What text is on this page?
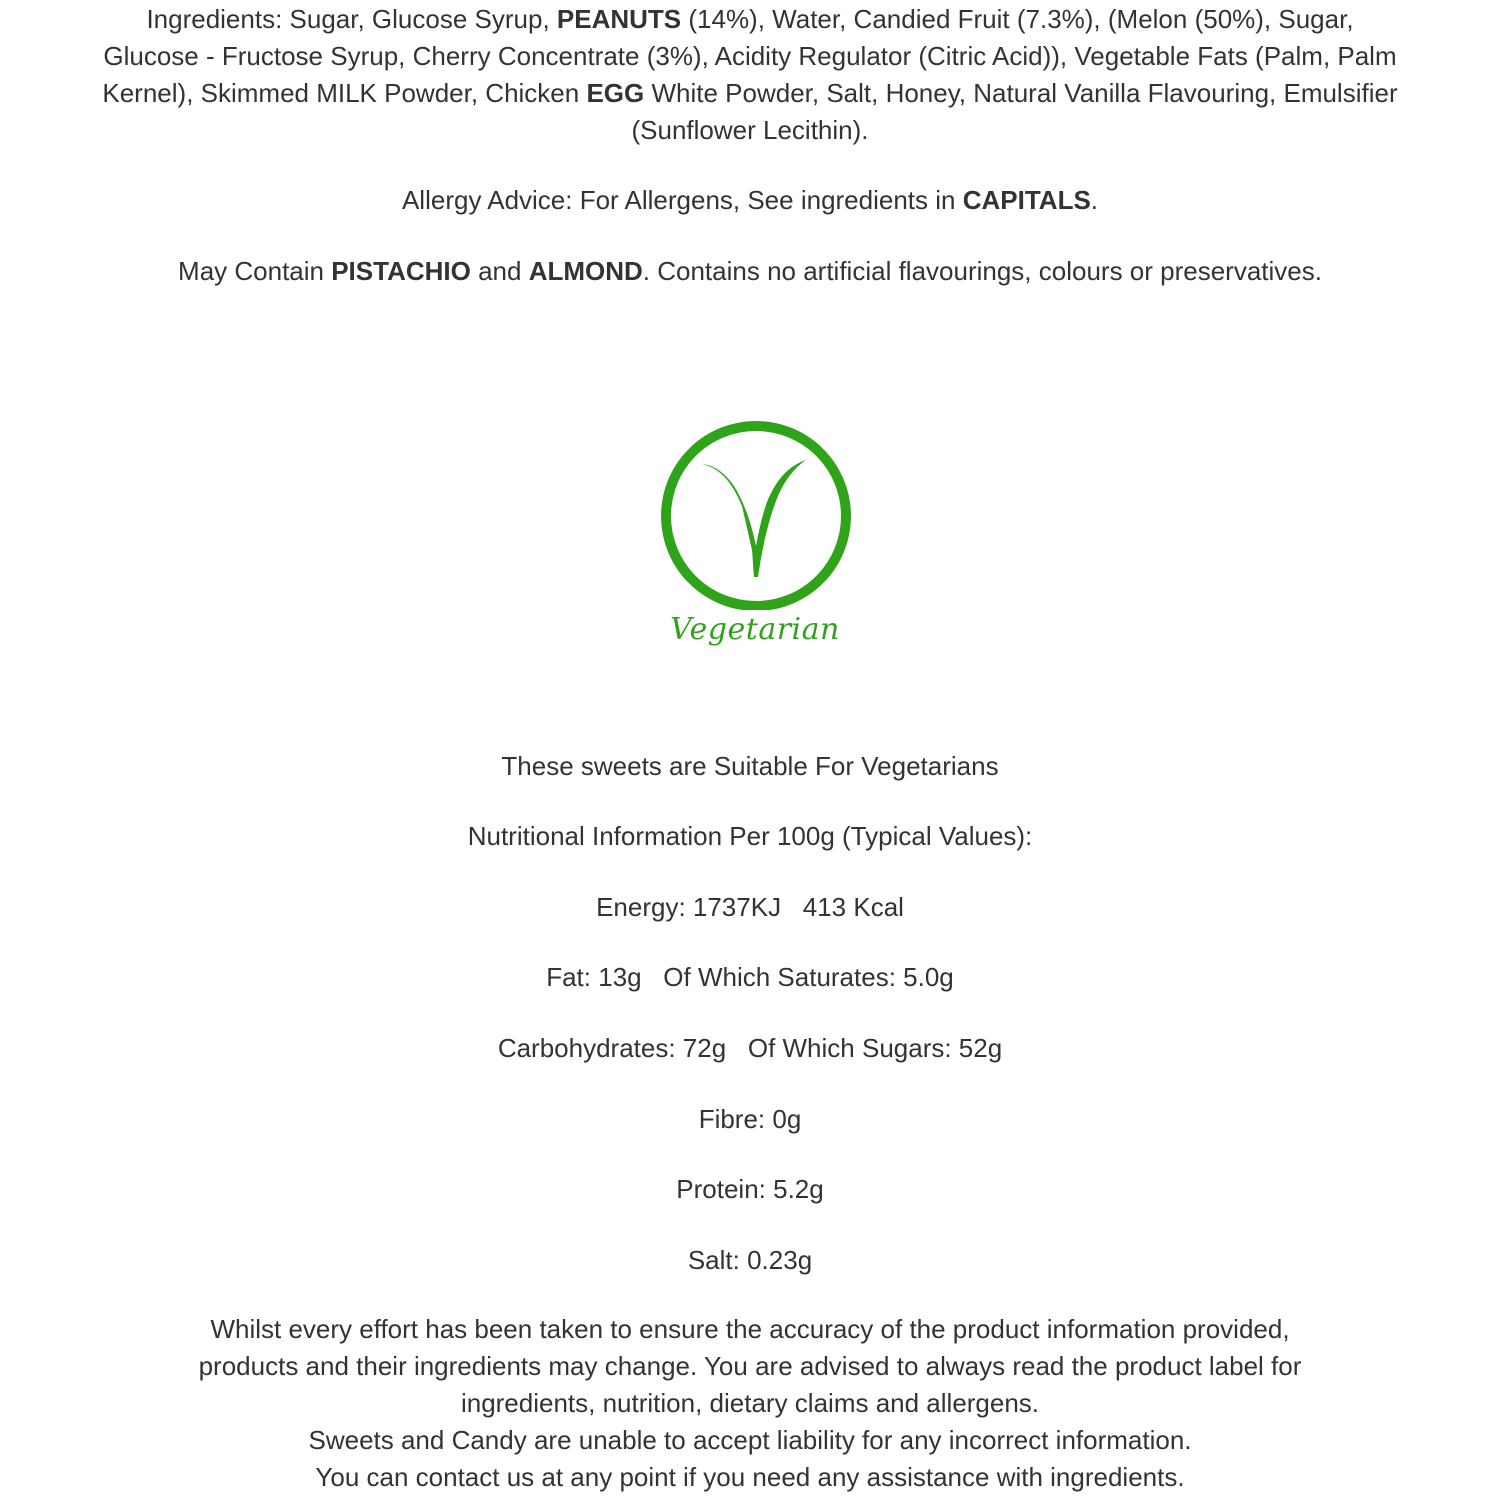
Ingredients: Sugar, Glucose Syrup, PEANUTS (14%), Water, Candied Fruit (7.3%), (Melon (50%), Sugar, Glucose - Fructose Syrup, Cherry Concentrate (3%), Acidity Regulator (Citric Acid)), Vegetable Fats (Palm, Palm Kernel), Skimmed MILK Powder, Chicken EGG White Powder, Salt, Honey, Natural Vanilla Flavouring, Emulsifier (Sunflower Lecithin).
Allergy Advice: For Allergens, See ingredients in CAPITALS.
May Contain PISTACHIO and ALMOND. Contains no artificial flavourings, colours or preservatives.
Vegetarian
These sweets are Suitable For Vegetarians
Nutritional Information Per 100g (Typical Values):
Energy: 1737KJ   413 Kcal
Fat: 13g   Of Which Saturates: 5.0g
Carbohydrates: 72g   Of Which Sugars: 52g
Fibre: 0g
Protein: 5.2g
Salt: 0.23g
Whilst every effort has been taken to ensure the accuracy of the product information provided,
products and their ingredients may change. You are advised to always read the product label for
ingredients, nutrition, dietary claims and allergens.
Sweets and Candy are unable to accept liability for any incorrect information.
You can contact us at any point if you need any assistance with ingredients.
